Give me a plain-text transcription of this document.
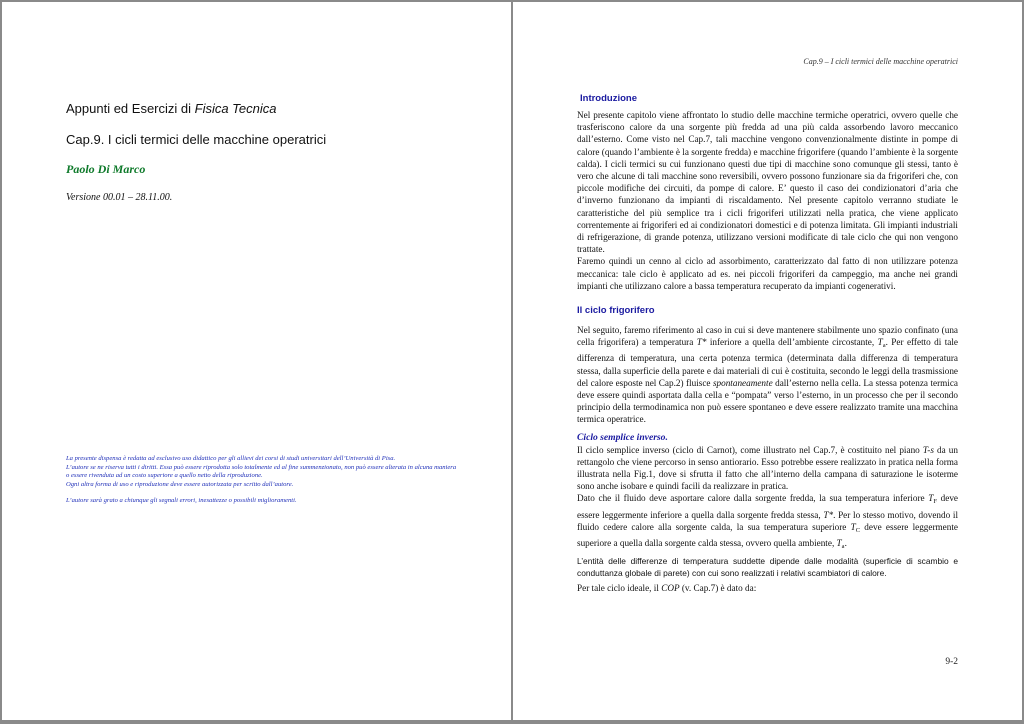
Appunti ed Esercizi di Fisica Tecnica
Cap.9. I cicli termici delle macchine operatrici
Paolo Di Marco
Versione 00.01 – 28.11.00.

La presente dispensa è redatta ad esclusivo uso didattico per gli allievi dei corsi di studi universitari dell’Università di Pisa.

L’autore se ne riserva tutti i diritti. Essa può essere riprodotta solo totalmente ed al fine summenzionato, non può essere alterata in alcuna maniera o essere rivenduta ad un costo superiore a quello netto della riproduzione.

Ogni altra forma di uso e riproduzione deve essere autorizzata per scritto dall’autore.

L’autore sarà grato a chiunque gli segnali errori, inesattezze o possibili miglioramenti.

Cap.9 – I cicli termici delle macchine operatrici
Introduzione

Nel presente capitolo viene affrontato lo studio delle macchine termiche operatrici, ovvero quelle che trasferiscono calore da una sorgente più fredda ad una più calda assorbendo lavoro meccanico dall’esterno. Come visto nel Cap.7, tali macchine vengono convenzionalmente distinte in pompe di calore (quando l’ambiente è la sorgente fredda) e macchine frigorifere (quando l’ambiente è la sorgente calda). I cicli termici su cui funzionano questi due tipi di macchine sono comunque gli stessi, tanto è vero che alcune di tali macchine sono reversibili, ovvero possono funzionare sia da frigoriferi che, con piccole modifiche dei circuiti, da pompe di calore. E’ questo il caso dei condizionatori d’aria che d’inverno funzionano da impianti di riscaldamento. Nel presente capitolo verranno studiate le caratteristiche del più semplice tra i cicli frigoriferi utilizzati nella pratica, che viene applicato correntemente ai frigoriferi ed ai condizionatori domestici e di potenza limitata. Gli impianti industriali di refrigerazione, di grande potenza, utilizzano versioni modificate di tale ciclo che qui non vengono trattate.

Faremo quindi un cenno al ciclo ad assorbimento, caratterizzato dal fatto di non utilizzare potenza meccanica: tale ciclo è applicato ad es. nei piccoli frigoriferi da campeggio, ma anche nei grandi impianti che utilizzano calore a bassa temperatura recuperato da impianti cogenerativi.

Il ciclo frigorifero

Nel seguito, faremo riferimento al caso in cui si deve mantenere stabilmente uno spazio confinato (una cella frigorifera) a temperatura T* inferiore a quella dell’ambiente circostante, $T_a$. Per effetto di tale differenza di temperatura, una certa potenza termica (determinata dalla differenza di temperatura stessa, dalla superficie della parete e dai materiali di cui è costituita, secondo le leggi della trasmissione del calore esposte nel Cap.2) fluisce spontaneamente dall’esterno nella cella. La stessa potenza termica deve essere quindi asportata dalla cella e “pompata” verso l’esterno, in un processo che per il secondo principio della termodinamica non può essere spontaneo e deve essere realizzato tramite una macchina termica operatrice.

Ciclo semplice inverso.

Il ciclo semplice inverso (ciclo di Carnot), come illustrato nel Cap.7, è costituito nel piano T-s da un rettangolo che viene percorso in senso antiorario. Esso potrebbe essere realizzato in pratica nella forma illustrata nella Fig.1, dove si sfrutta il fatto che all’interno della campana di saturazione le isoterme sono anche isobare e quindi facili da realizzare in pratica.

Dato che il fluido deve asportare calore dalla sorgente fredda, la sua temperatura inferiore $T_F$ deve essere leggermente inferiore a quella dalla sorgente fredda stessa, T*. Per lo stesso motivo, dovendo il fluido cedere calore alla sorgente calda, la sua temperatura superiore $T_C$ deve essere leggermente superiore a quella dalla sorgente calda stessa, ovvero quella ambiente, $T_a$.

L’entità delle differenze di temperatura suddette dipende dalle modalità (superficie di scambio e conduttanza globale di parete) con cui sono realizzati i relativi scambiatori di calore.

Per tale ciclo ideale, il COP (v. Cap.7) è dato da:

9-2
